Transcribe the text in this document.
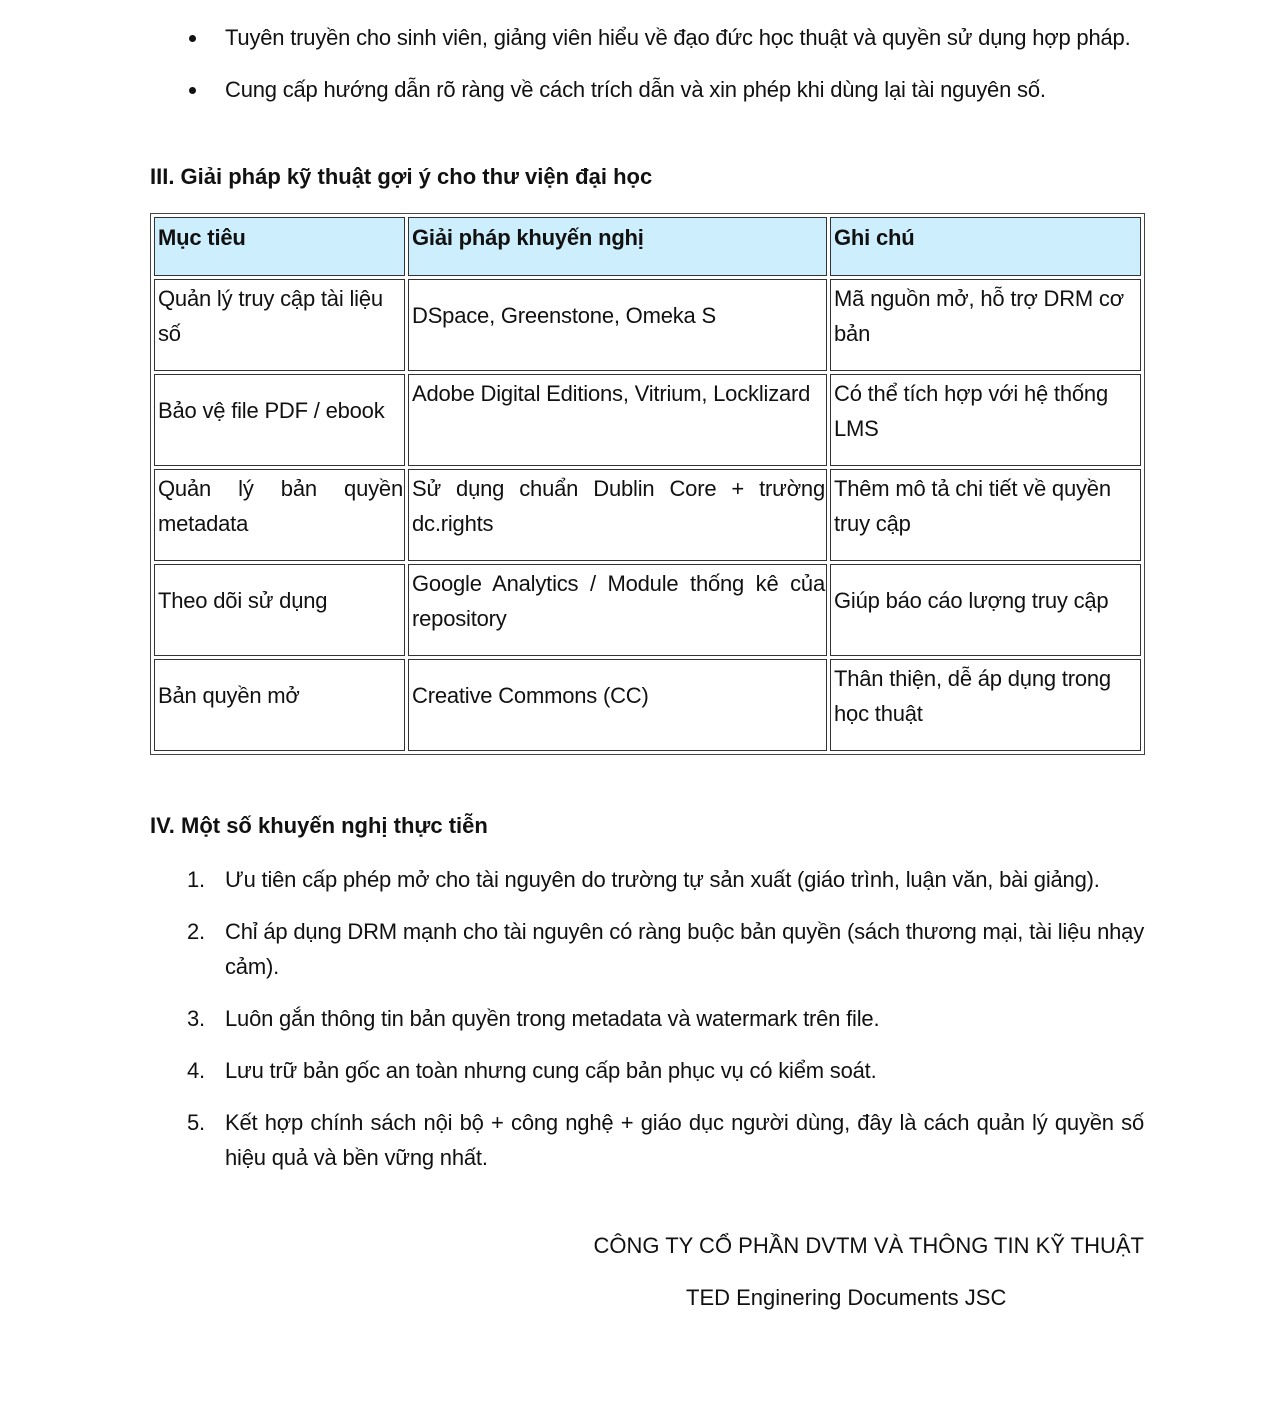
Tuyên truyền cho sinh viên, giảng viên hiểu về đạo đức học thuật và quyền sử dụng hợp pháp.
Cung cấp hướng dẫn rõ ràng về cách trích dẫn và xin phép khi dùng lại tài nguyên số.
III. Giải pháp kỹ thuật gợi ý cho thư viện đại học
Mục tiêu	Giải pháp khuyến nghị	Ghi chú
Quản lý truy cập tài liệu số	DSpace, Greenstone, Omeka S	Mã nguồn mở, hỗ trợ DRM cơ bản
Bảo vệ file PDF / ebook	Adobe Digital Editions, Vitrium, Locklizard	Có thể tích hợp với hệ thống LMS
Quản lý bản quyền metadata	Sử dụng chuẩn Dublin Core + trường dc.rights	Thêm mô tả chi tiết về quyền truy cập
Theo dõi sử dụng	Google Analytics / Module thống kê của repository	Giúp báo cáo lượng truy cập
Bản quyền mở	Creative Commons (CC)	Thân thiện, dễ áp dụng trong học thuật
IV. Một số khuyến nghị thực tiễn
1. Ưu tiên cấp phép mở cho tài nguyên do trường tự sản xuất (giáo trình, luận văn, bài giảng).
2. Chỉ áp dụng DRM mạnh cho tài nguyên có ràng buộc bản quyền (sách thương mại, tài liệu nhạy cảm).
3. Luôn gắn thông tin bản quyền trong metadata và watermark trên file.
4. Lưu trữ bản gốc an toàn nhưng cung cấp bản phục vụ có kiểm soát.
5. Kết hợp chính sách nội bộ + công nghệ + giáo dục người dùng, đây là cách quản lý quyền số hiệu quả và bền vững nhất.
CÔNG TY CỔ PHẦN DVTM VÀ THÔNG TIN KỸ THUẬT
TED Enginering Documents JSC
